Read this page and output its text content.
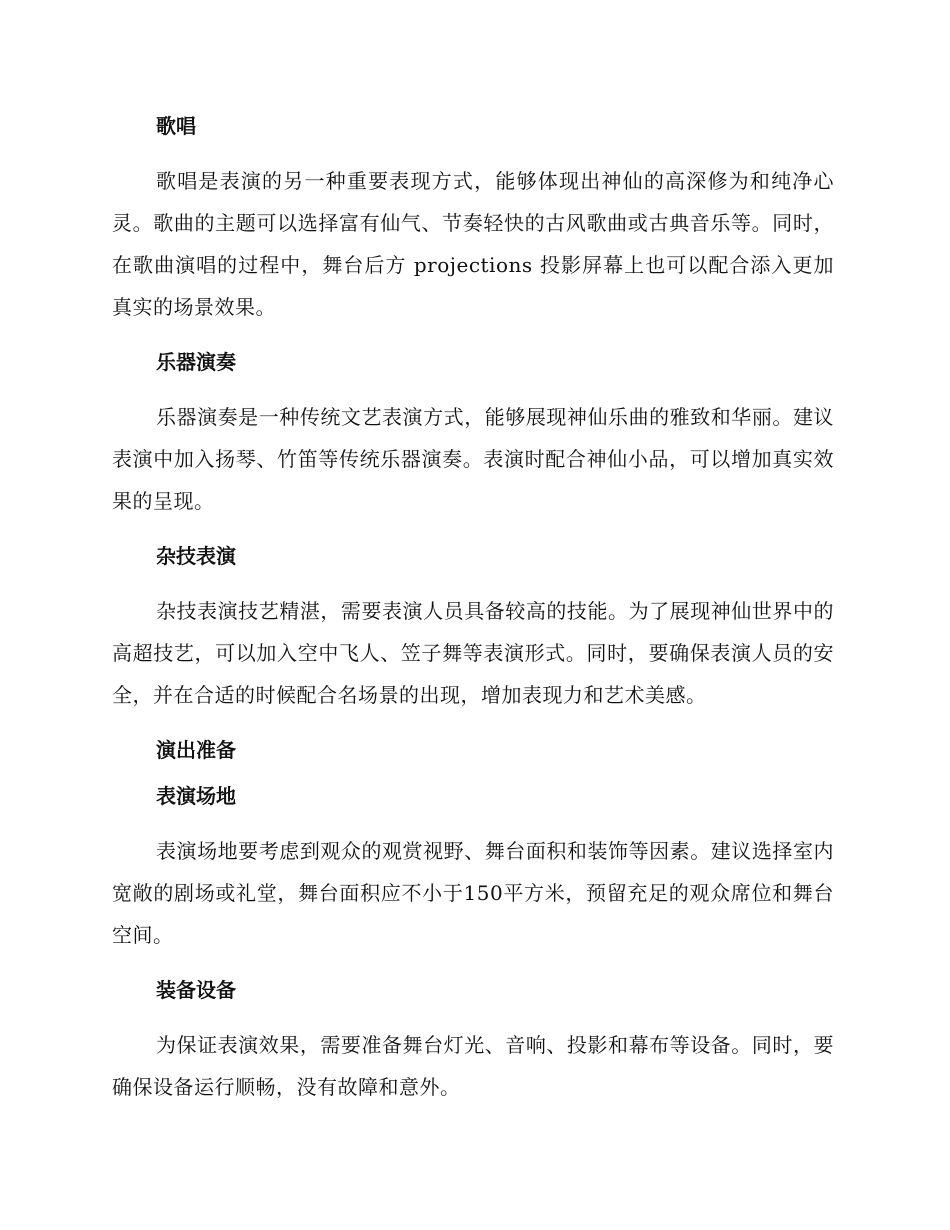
歌唱

歌唱是表演的另一种重要表现方式，能够体现出神仙的高深修为和纯净心灵。歌曲的主题可以选择富有仙气、节奏轻快的古风歌曲或古典音乐等。同时，在歌曲演唱的过程中，舞台后方 projections 投影屏幕上也可以配合添入更加真实的场景效果。

乐器演奏

乐器演奏是一种传统文艺表演方式，能够展现神仙乐曲的雅致和华丽。建议表演中加入扬琴、竹笛等传统乐器演奏。表演时配合神仙小品，可以增加真实效果的呈现。

杂技表演

杂技表演技艺精湛，需要表演人员具备较高的技能。为了展现神仙世界中的高超技艺，可以加入空中飞人、笠子舞等表演形式。同时，要确保表演人员的安全，并在合适的时候配合名场景的出现，增加表现力和艺术美感。

演出准备
表演场地

表演场地要考虑到观众的观赏视野、舞台面积和装饰等因素。建议选择室内宽敞的剧场或礼堂，舞台面积应不小于150平方米，预留充足的观众席位和舞台空间。

装备设备

为保证表演效果，需要准备舞台灯光、音响、投影和幕布等设备。同时，要确保设备运行顺畅，没有故障和意外。
